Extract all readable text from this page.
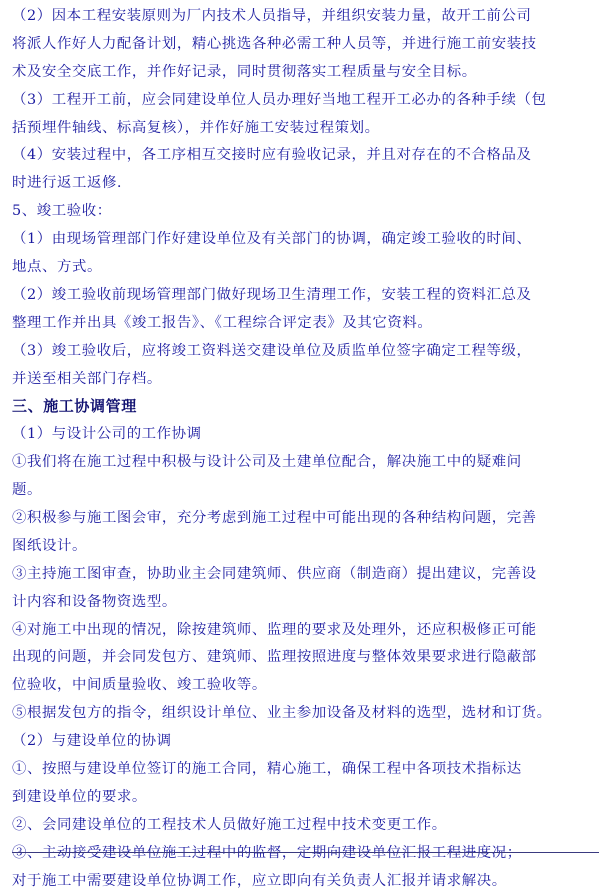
（2）因本工程安装原则为厂内技术人员指导，并组织安装力量，故开工前公司
将派人作好人力配备计划，精心挑选各种必需工种人员等，并进行施工前安装技
术及安全交底工作，并作好记录，同时贯彻落实工程质量与安全目标。
（3）工程开工前，应会同建设单位人员办理好当地工程开工必办的各种手续（包
括预埋件轴线、标高复核），并作好施工安装过程策划。
（4）安装过程中，各工序相互交接时应有验收记录，并且对存在的不合格品及
时进行返工返修.
5、竣工验收：
（1）由现场管理部门作好建设单位及有关部门的协调，确定竣工验收的时间、
地点、方式。
（2）竣工验收前现场管理部门做好现场卫生清理工作，安装工程的资料汇总及
整理工作并出具《竣工报告》、《工程综合评定表》及其它资料。
（3）竣工验收后，应将竣工资料送交建设单位及质监单位签字确定工程等级，
并送至相关部门存档。
三、施工协调管理
（1）与设计公司的工作协调
①我们将在施工过程中积极与设计公司及土建单位配合，解决施工中的疑难问
题。
②积极参与施工图会审，充分考虑到施工过程中可能出现的各种结构问题，完善
图纸设计。
③主持施工图审查，协助业主会同建筑师、供应商（制造商）提出建议，完善设
计内容和设备物资选型。
④对施工中出现的情况，除按建筑师、监理的要求及处理外，还应积极修正可能
出现的问题，并会同发包方、建筑师、监理按照进度与整体效果要求进行隐蔽部
位验收，中间质量验收、竣工验收等。
⑤根据发包方的指令，组织设计单位、业主参加设备及材料的选型，选材和订货。
（2）与建设单位的协调
①、按照与建设单位签订的施工合同，精心施工，确保工程中各项技术指标达
到建设单位的要求。
②、会同建设单位的工程技术人员做好施工过程中技术变更工作。
③、主动接受建设单位施工过程中的监督，定期向建设单位汇报工程进度况；
对于施工中需要建设单位协调工作，应立即向有关负责人汇报并请求解决。
